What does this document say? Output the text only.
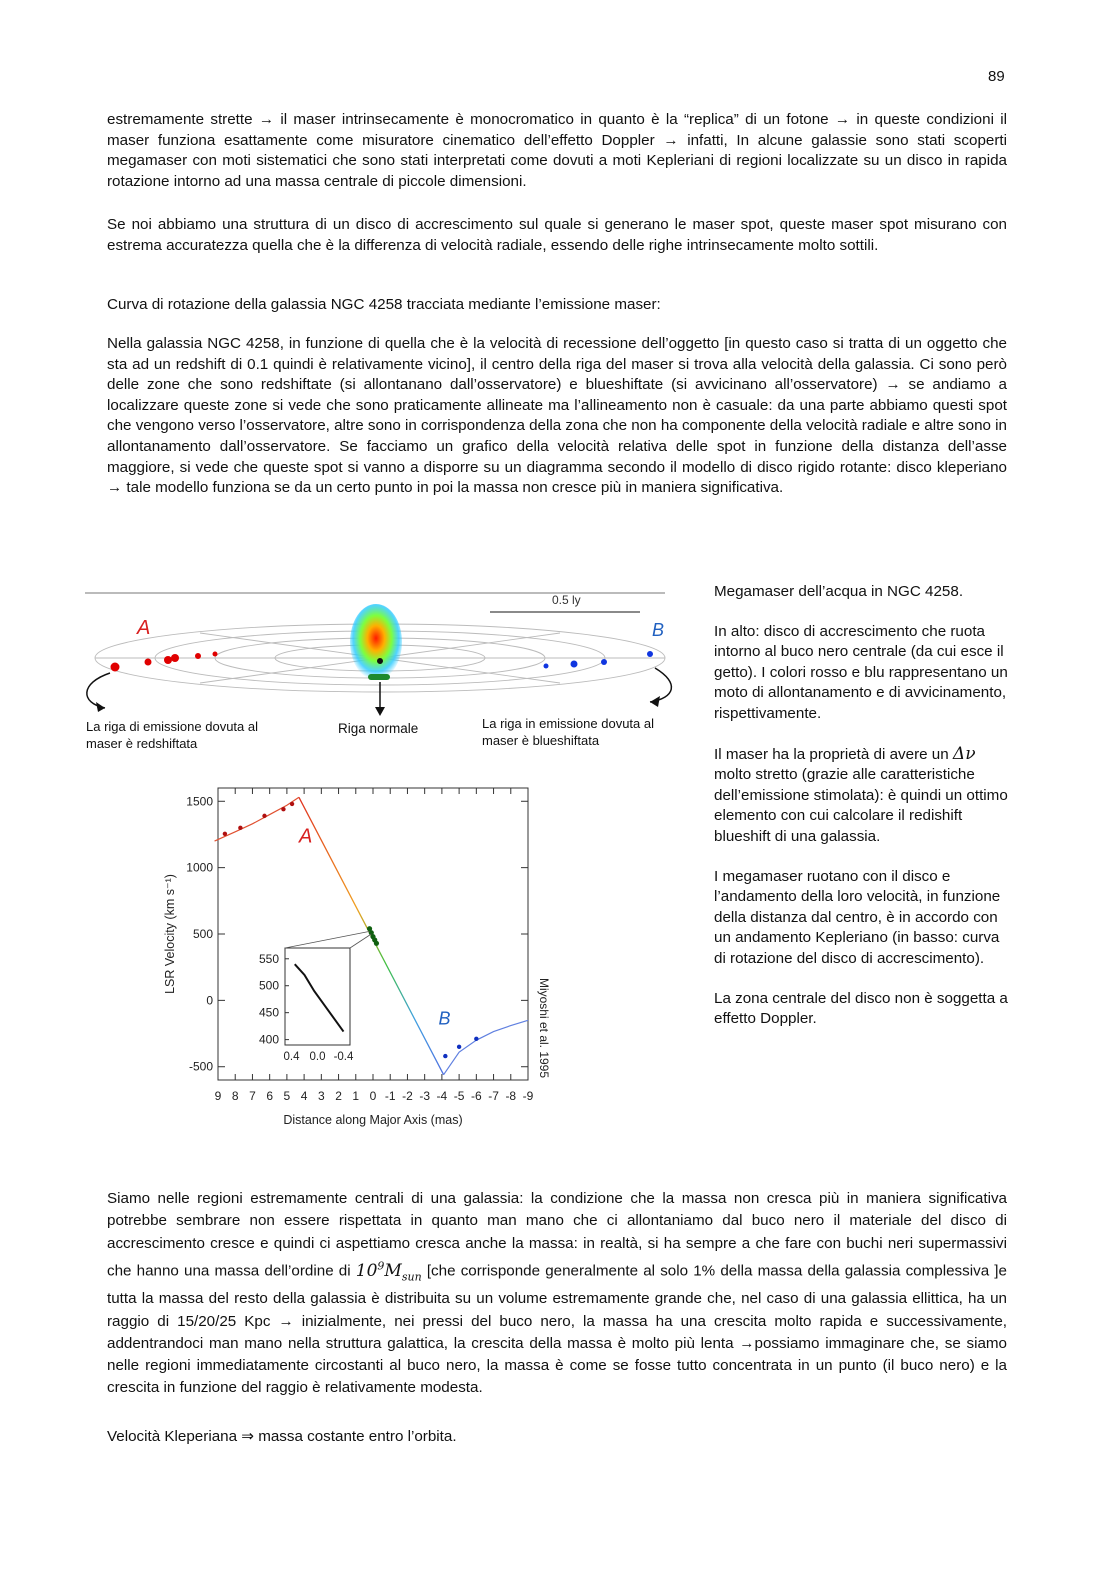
89

estremamente strette → il maser intrinsecamente è monocromatico in quanto è la “replica” di un fotone → in queste condizioni il maser funziona esattamente come misuratore cinematico dell’effetto Doppler → infatti, In alcune galassie sono stati scoperti megamaser con moti sistematici che sono stati interpretati come dovuti a moti Kepleriani di regioni localizzate su un disco in rapida rotazione intorno ad una massa centrale di piccole dimensioni.

Se noi abbiamo una struttura di un disco di accrescimento sul quale si generano le maser spot, queste maser spot misurano con estrema accuratezza quella che è la differenza di velocità radiale, essendo delle righe intrinsecamente molto sottili.

Curva di rotazione della galassia NGC 4258 tracciata mediante l’emissione maser:

Nella galassia NGC 4258, in funzione di quella che è la velocità di recessione dell’oggetto [in questo caso si tratta di un oggetto che sta ad un redshift di 0.1 quindi è relativamente vicino], il centro della riga del maser si trova alla velocità della galassia. Ci sono però delle zone che sono redshiftate (si allontanano dall’osservatore) e blueshiftate (si avvicinano all’osservatore) → se andiamo a localizzare queste zone si vede che sono praticamente allineate ma l’allineamento non è casuale: da una parte abbiamo questi spot che vengono verso l’osservatore, altre sono in corrispondenza della zona che non ha componente della velocità radiale e altre sono in allontanamento dall’osservatore. Se facciamo un grafico della velocità relativa delle spot in funzione della distanza dell’asse maggiore, si vede che queste spot si vanno a disporre su un diagramma secondo il modello di disco rigido rotante: disco kleperiano → tale modello funziona se da un certo punto in poi la massa non cresce più in maniera significativa.

0.5 ly
A	B
La riga di emissione dovuta al
maser è redshiftata
Riga normale	La riga in emissione dovuta al
maser è blueshiftata
9 8 7 6 5 4 3 2 1 0 -1 -2 -3 -4 -5 -6 -7 -8 -9
1500
1000
500
0
-500
550
500
450
400
0.4 0.0 -0.4
A
B
Distance along Major Axis (mas)
LSR Velocity (km s⁻¹)
Miyoshi et al. 1995

Megamaser dell’acqua in NGC 4258.

In alto: disco di accrescimento che ruota intorno al buco nero centrale (da cui esce il getto). I colori rosso e blu rappresentano un moto di allontanamento e di avvicinamento, rispettivamente.

Il maser ha la proprietà di avere un Δν molto stretto (grazie alle caratteristiche dell’emissione stimolata): è quindi un ottimo elemento con cui calcolare il redishift blueshift di una galassia.

I megamaser ruotano con il disco e l’andamento della loro velocità, in funzione della distanza dal centro, è in accordo con un andamento Kepleriano (in basso: curva di rotazione del disco di accrescimento).

La zona centrale del disco non è soggetta a effetto Doppler.

Siamo nelle regioni estremamente centrali di una galassia: la condizione che la massa non cresca più in maniera significativa potrebbe sembrare non essere rispettata in quanto man mano che ci allontaniamo dal buco nero il materiale del disco di accrescimento cresce e quindi ci aspettiamo cresca anche la massa: in realtà, si ha sempre a che fare con buchi neri supermassivi che hanno una massa dell’ordine di $10^9M_{sun}$ [che corrisponde generalmente al solo 1% della massa della galassia complessiva ]e tutta la massa del resto della galassia è distribuita su un volume estremamente grande che, nel caso di una galassia ellittica, ha un raggio di 15/20/25 Kpc → inizialmente, nei pressi del buco nero, la massa ha una crescita molto rapida e successivamente, addentrandoci man mano nella struttura galattica, la crescita della massa è molto più lenta →possiamo immaginare che, se siamo nelle regioni immediatamente circostanti al buco nero, la massa è come se fosse tutto concentrata in un punto (il buco nero) e la crescita in funzione del raggio è relativamente modesta.

Velocità Kleperiana ⇒ massa costante entro l’orbita.
